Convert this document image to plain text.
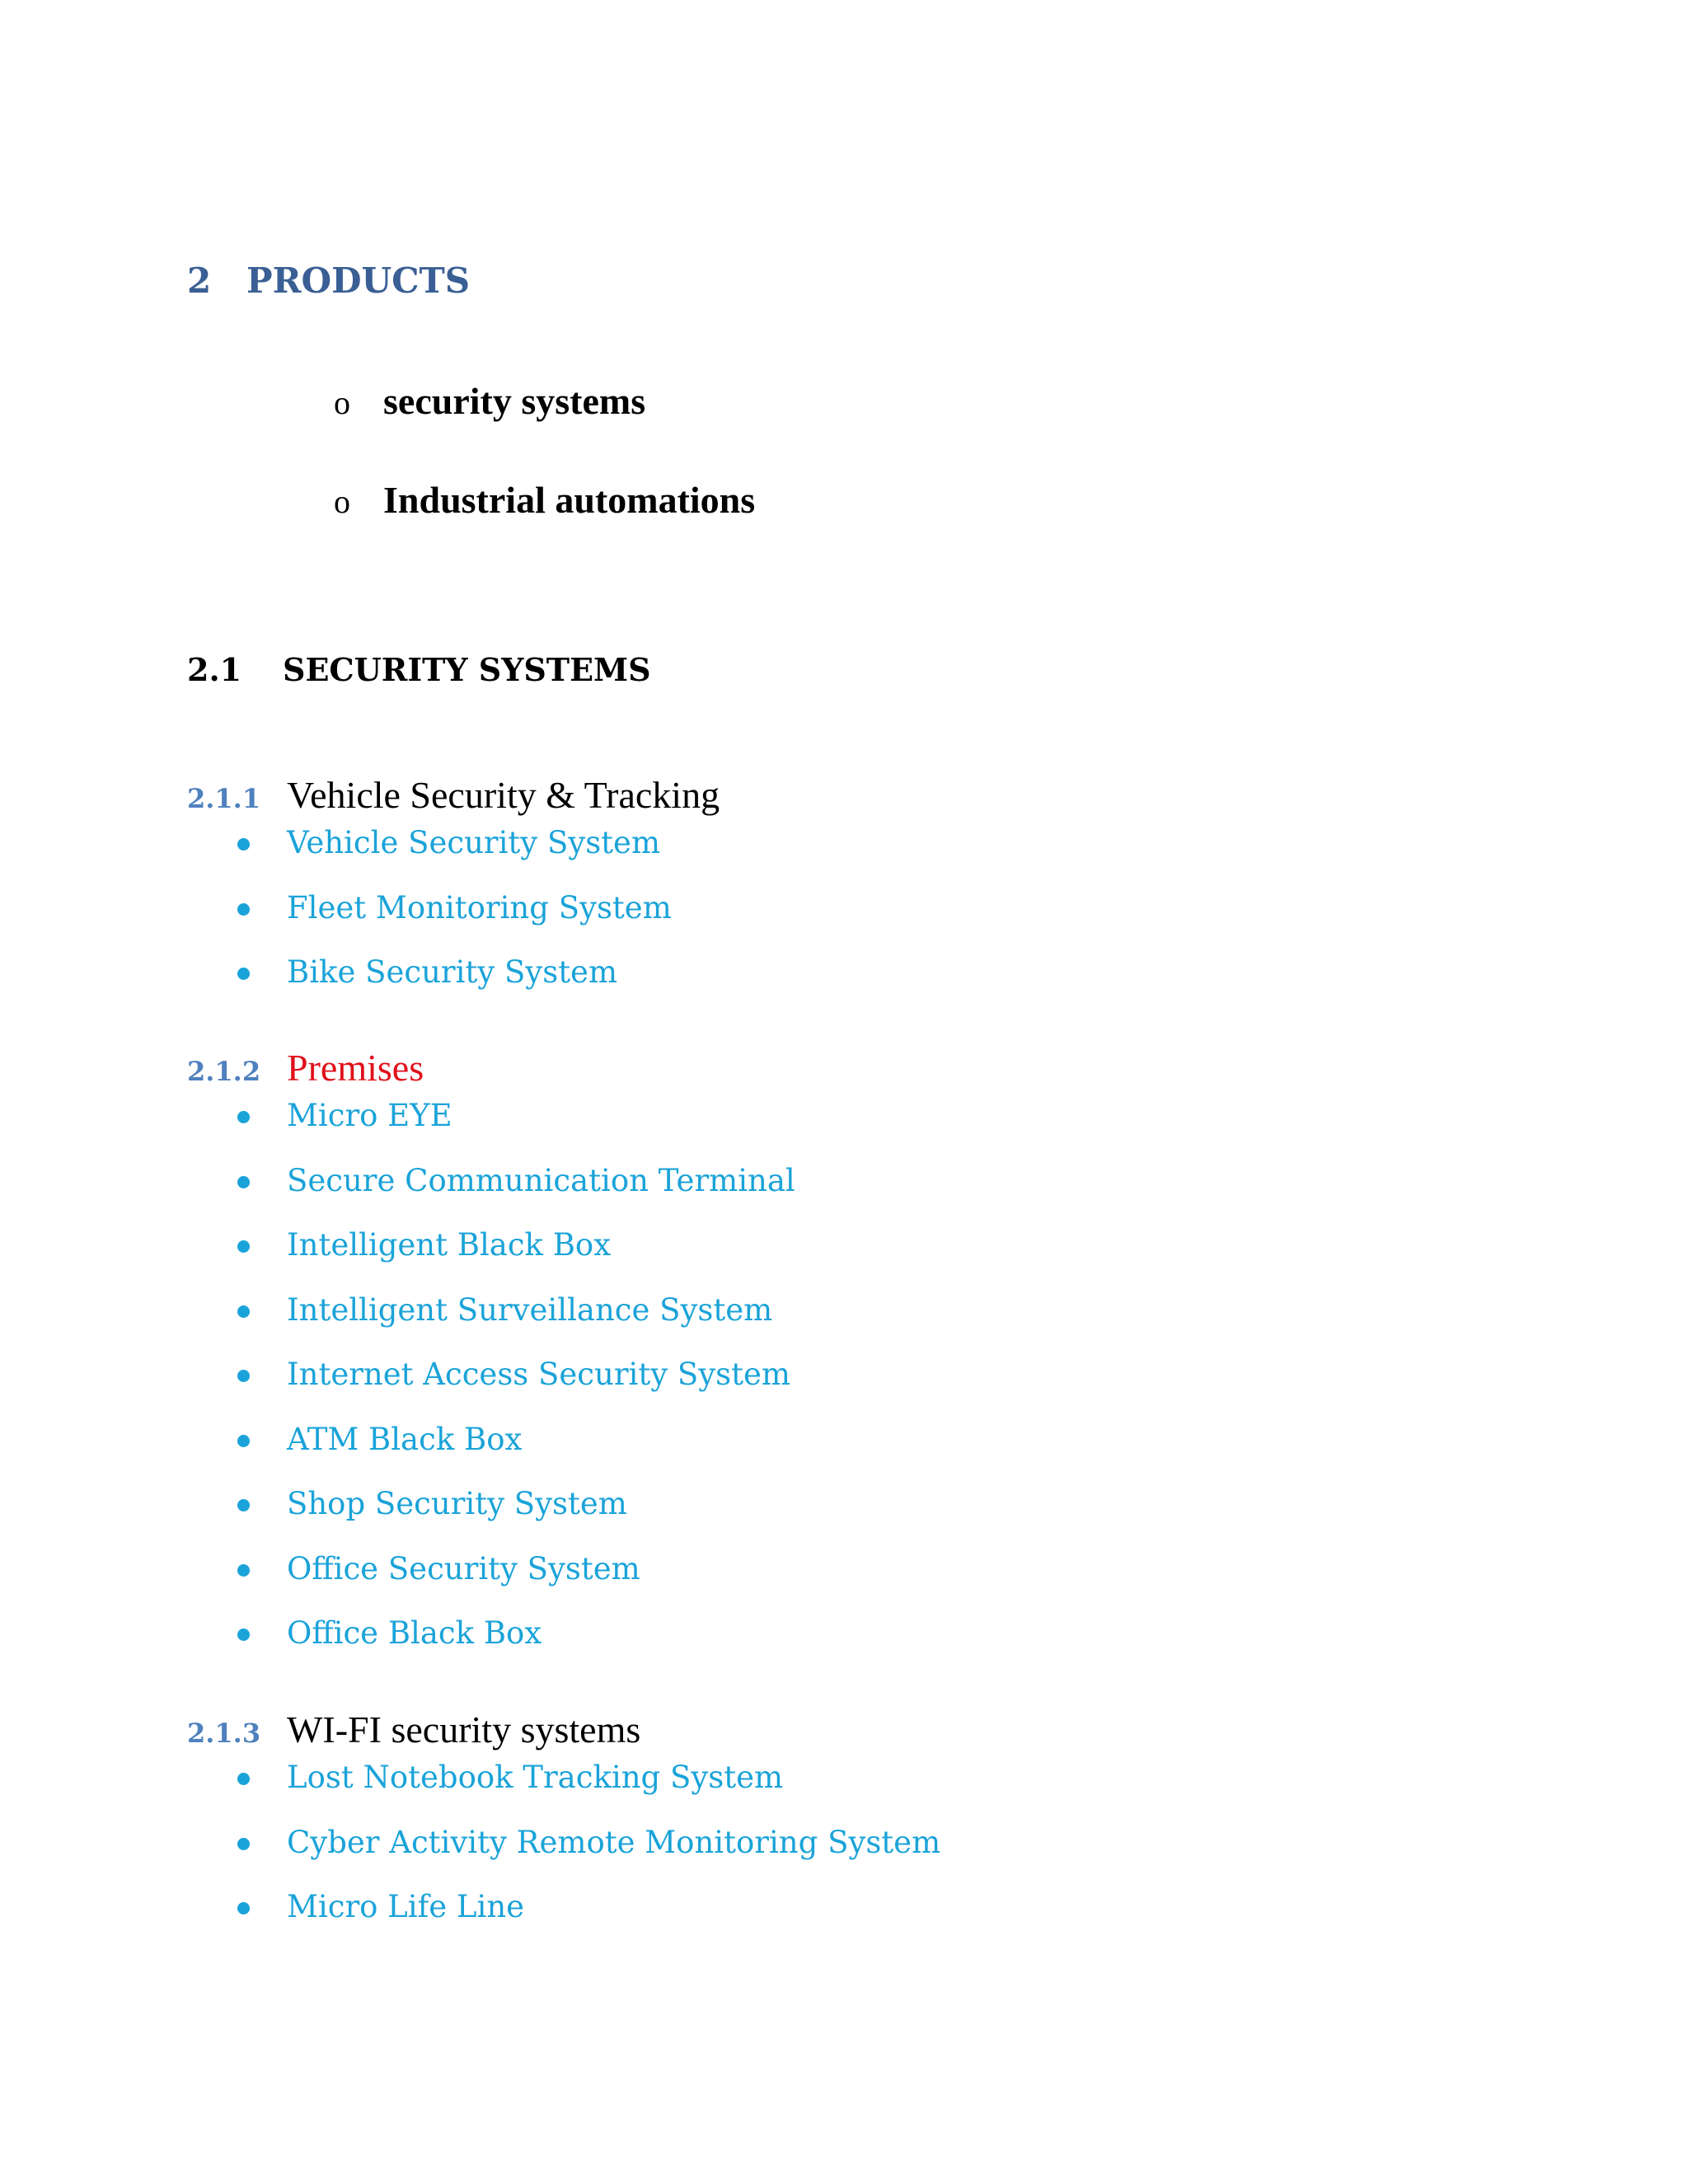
2 PRODUCTS
o security systems
o Industrial automations
2.1 SECURITY SYSTEMS
2.1.1 Vehicle Security & Tracking
Vehicle Security System
Fleet Monitoring System
Bike Security System
2.1.2 Premises
Micro EYE
Secure Communication Terminal
Intelligent Black Box
Intelligent Surveillance System
Internet Access Security System
ATM Black Box
Shop Security System
Office Security System
Office Black Box
2.1.3 WI-FI security systems
Lost Notebook Tracking System
Cyber Activity Remote Monitoring System
Micro Life Line
